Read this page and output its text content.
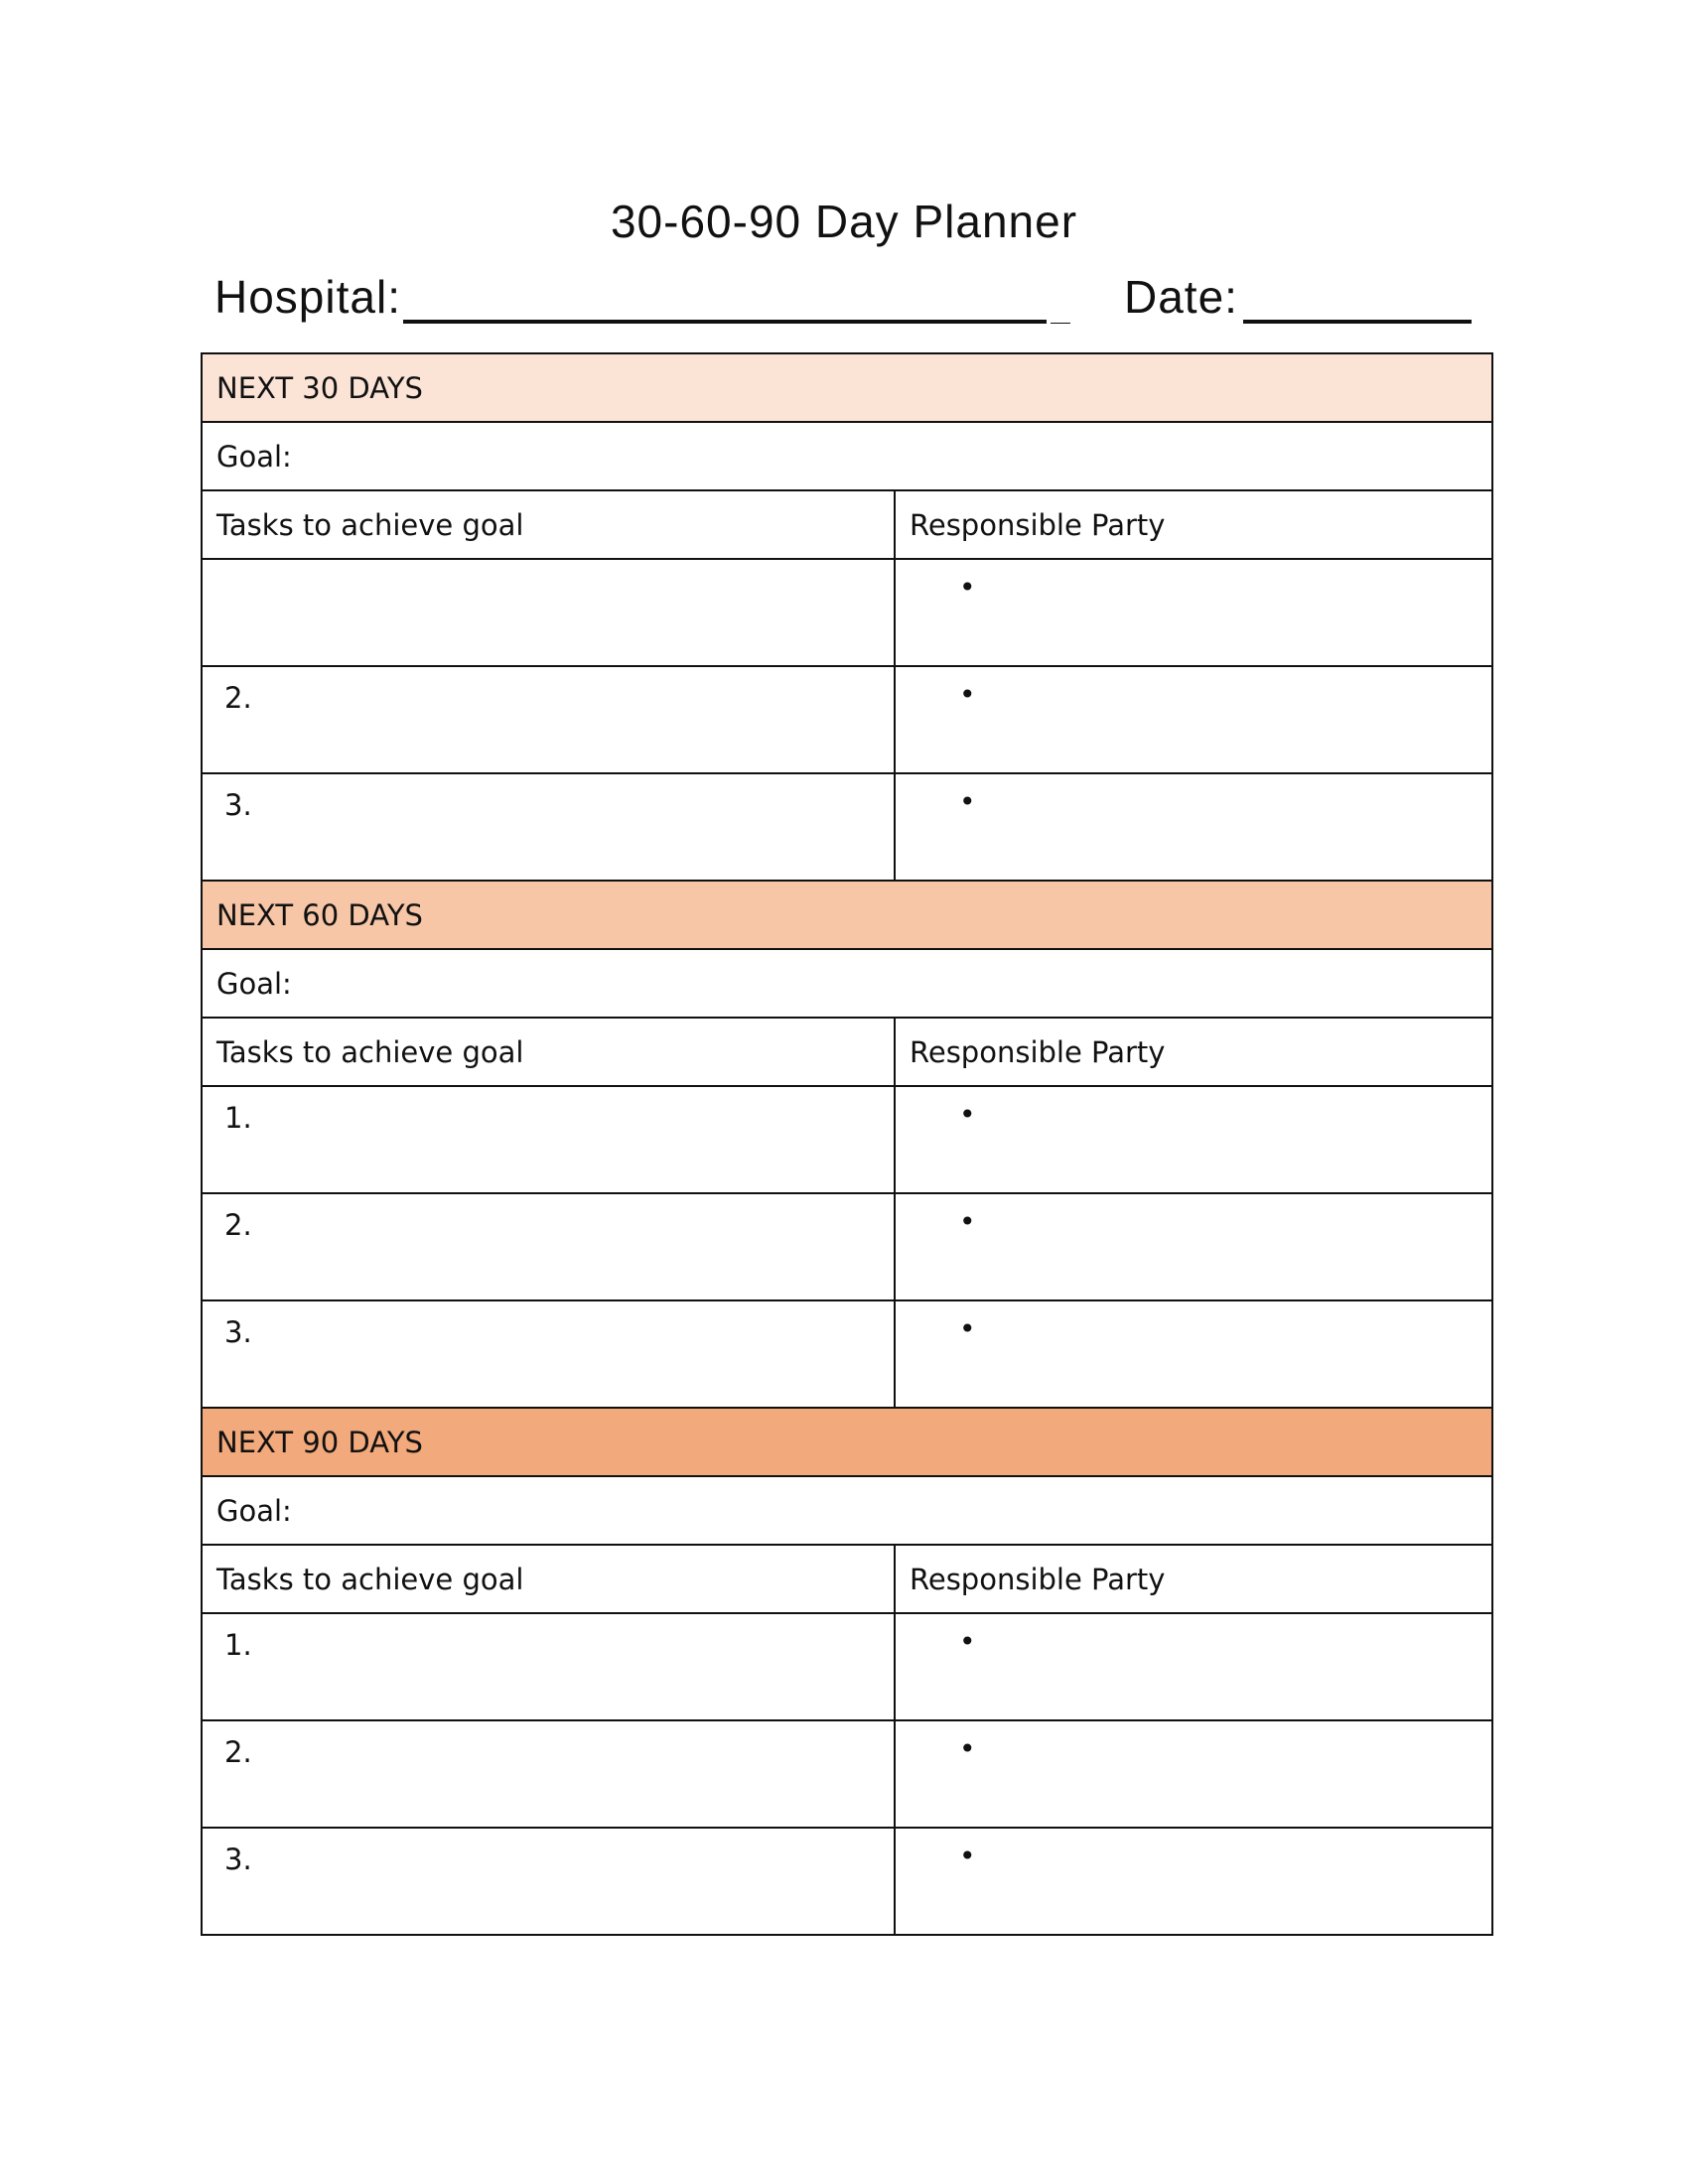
30-60-90 Day Planner
Hospital:	Date:
NEXT 30 DAYS	
Goal:	
Tasks to achieve goal	Responsible Party
	•
2.	•
3.	•
NEXT 60 DAYS	
Goal:	
Tasks to achieve goal	Responsible Party
1.	•
2.	•
3.	•
NEXT 90 DAYS	
Goal:	
Tasks to achieve goal	Responsible Party
1.	•
2.	•
3.	•
